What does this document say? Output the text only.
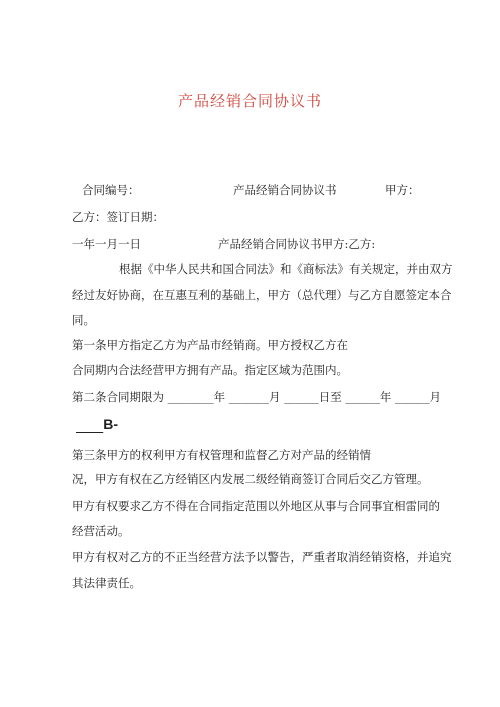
产品经销合同协议书
合同编号：	产品经销合同协议书	甲方：
乙方：签订日期：
一年一月一日	产品经销合同协议书甲方:乙方:
根据《中华人民共和国合同法》和《商标法》有关规定，并由双方
经过友好协商，在互惠互利的基础上，甲方（总代理）与乙方自愿签定本合
同。
第一条甲方指定乙方为产品市经销商。甲方授权乙方在
合同期内合法经营甲方拥有产品。指定区域为范围内。
第二条合同期限为 ________年 _______月 ______日至 ______年 ______月
B-
第三条甲方的权利甲方有权管理和监督乙方对产品的经销情
况，甲方有权在乙方经销区内发展二级经销商签订合同后交乙方管理。
甲方有权要求乙方不得在合同指定范围以外地区从事与合同事宜相雷同的
经营活动。
甲方有权对乙方的不正当经营方法予以警告，严重者取消经销资格，并追究
其法律责任。
